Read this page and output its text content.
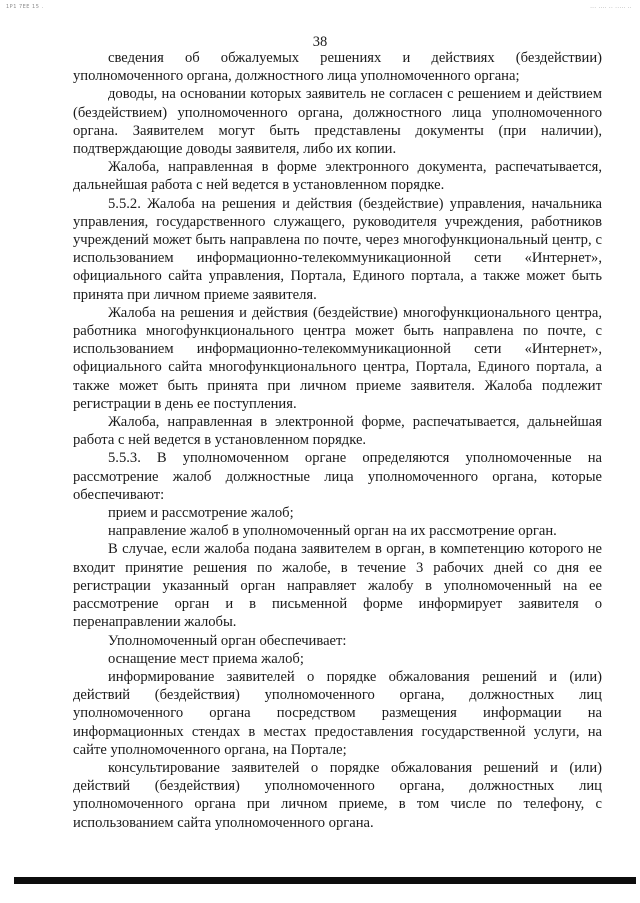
1P1 7EE 15 .	... .... .. ..... ..
38

сведения об обжалуемых решениях и действиях (бездействии) уполномоченного органа, должностного лица уполномоченного органа;

доводы, на основании которых заявитель не согласен с решением и действием (бездействием) уполномоченного органа, должностного лица уполномоченного органа. Заявителем могут быть представлены документы (при наличии), подтверждающие доводы заявителя, либо их копии.

Жалоба, направленная в форме электронного документа, распечатывается, дальнейшая работа с ней ведется в установленном порядке.

5.5.2. Жалоба на решения и действия (бездействие) управления, начальника управления, государственного служащего, руководителя учреждения, работников учреждений может быть направлена по почте, через многофункциональный центр, с использованием информационно-телекоммуникационной сети «Интернет», официального сайта управления, Портала, Единого портала, а также может быть принята при личном приеме заявителя.

Жалоба на решения и действия (бездействие) многофункционального центра, работника многофункционального центра может быть направлена по почте, с использованием информационно-телекоммуникационной сети «Интернет», официального сайта многофункционального центра, Портала, Единого портала, а также может быть принята при личном приеме заявителя. Жалоба подлежит регистрации в день ее поступления.

Жалоба, направленная в электронной форме, распечатывается, дальнейшая работа с ней ведется в установленном порядке.

5.5.3. В уполномоченном органе определяются уполномоченные на рассмотрение жалоб должностные лица уполномоченного органа, которые обеспечивают:

прием и рассмотрение жалоб;

направление жалоб в уполномоченный орган на их рассмотрение орган.

В случае, если жалоба подана заявителем в орган, в компетенцию которого не входит принятие решения по жалобе, в течение 3 рабочих дней со дня ее регистрации указанный орган направляет жалобу в уполномоченный на ее рассмотрение орган и в письменной форме информирует заявителя о перенаправлении жалобы.

Уполномоченный орган обеспечивает:

оснащение мест приема жалоб;

информирование заявителей о порядке обжалования решений и (или) действий (бездействия) уполномоченного органа, должностных лиц уполномоченного органа посредством размещения информации на информационных стендах в местах предоставления государственной услуги, на сайте уполномоченного органа, на Портале;

консультирование заявителей о порядке обжалования решений и (или) действий (бездействия) уполномоченного органа, должностных лиц уполномоченного органа при личном приеме, в том числе по телефону, с использованием сайта уполномоченного органа.
